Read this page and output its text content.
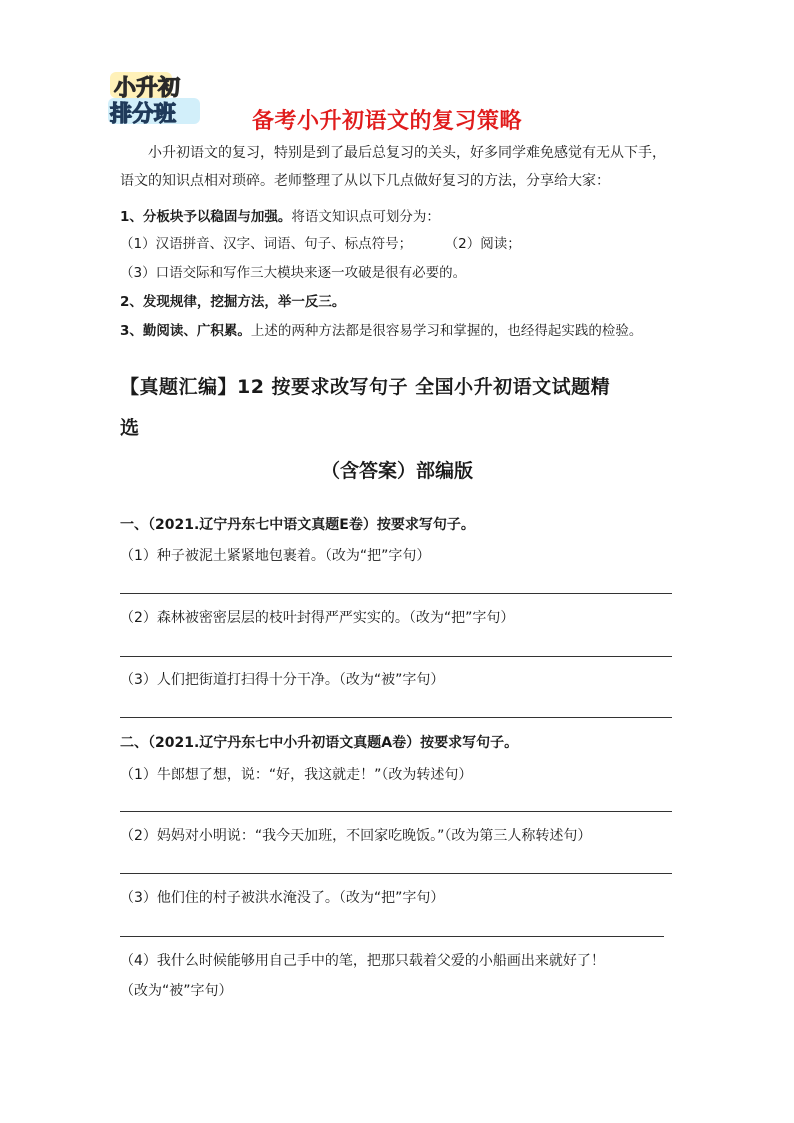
小升初
排分班	备考小升初语文的复习策略
小升初语文的复习，特别是到了最后总复习的关头，好多同学难免感觉有无从下手，
语文的知识点相对琐碎。老师整理了从以下几点做好复习的方法，分享给大家：
1、分板块予以稳固与加强。将语文知识点可划分为：
（1）汉语拼音、汉字、词语、句子、标点符号； （2）阅读；
（3）口语交际和写作三大模块来逐一攻破是很有必要的。
2、发现规律，挖掘方法，举一反三。
3、勤阅读、广积累。上述的两种方法都是很容易学习和掌握的，也经得起实践的检验。
【真题汇编】12 按要求改写句子 全国小升初语文试题精
选
（含答案）部编版
一、（2021.辽宁丹东七中语文真题E卷）按要求写句子。
（1）种子被泥土紧紧地包裹着。（改为“把”字句）
（2）森林被密密层层的枝叶封得严严实实的。（改为“把”字句）
（3）人们把街道打扫得十分干净。（改为“被”字句）
二、（2021.辽宁丹东七中小升初语文真题A卷）按要求写句子。
（1）牛郎想了想，说：“好，我这就走！”（改为转述句）
（2）妈妈对小明说：“我今天加班，不回家吃晚饭。”（改为第三人称转述句）
（3）他们住的村子被洪水淹没了。（改为“把”字句）
（4）我什么时候能够用自己手中的笔，把那只载着父爱的小船画出来就好了！
（改为“被”字句）
